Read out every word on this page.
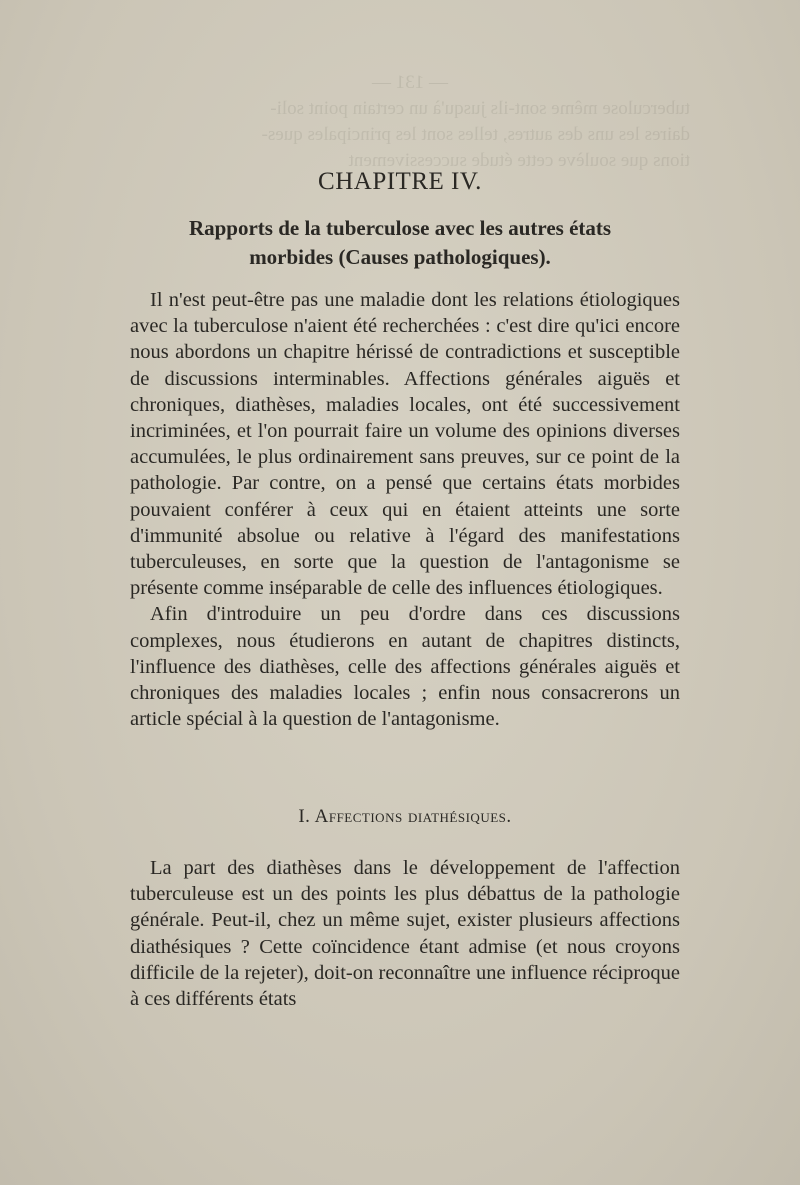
— 131 —
tuberculose même sont-ils jusqu'à un certain point soli-
daires les uns des autres, telles sont les principales ques-
tions que soulève cette étude successivement
CHAPITRE IV.
Rapports de la tuberculose avec les autres états
morbides (Causes pathologiques).

Il n'est peut-être pas une maladie dont les relations étiologiques avec la tuberculose n'aient été recherchées : c'est dire qu'ici encore nous abordons un chapitre hérissé de contradictions et susceptible de discussions interminables. Affections générales aiguës et chroniques, diathèses, maladies locales, ont été successivement incriminées, et l'on pourrait faire un volume des opinions diverses accumulées, le plus ordinairement sans preuves, sur ce point de la pathologie. Par contre, on a pensé que certains états morbides pouvaient conférer à ceux qui en étaient atteints une sorte d'immunité absolue ou relative à l'égard des manifestations tuberculeuses, en sorte que la question de l'antagonisme se présente comme inséparable de celle des influences étiologiques.

Afin d'introduire un peu d'ordre dans ces discussions complexes, nous étudierons en autant de chapitres distincts, l'influence des diathèses, celle des affections générales aiguës et chroniques des maladies locales ; enfin nous consacrerons un article spécial à la question de l'antagonisme.

I. Affections diathésiques.

La part des diathèses dans le développement de l'affection tuberculeuse est un des points les plus débattus de la pathologie générale. Peut-il, chez un même sujet, exister plusieurs affections diathésiques ? Cette coïncidence étant admise (et nous croyons difficile de la rejeter), doit-on reconnaître une influence réciproque à ces différents états
